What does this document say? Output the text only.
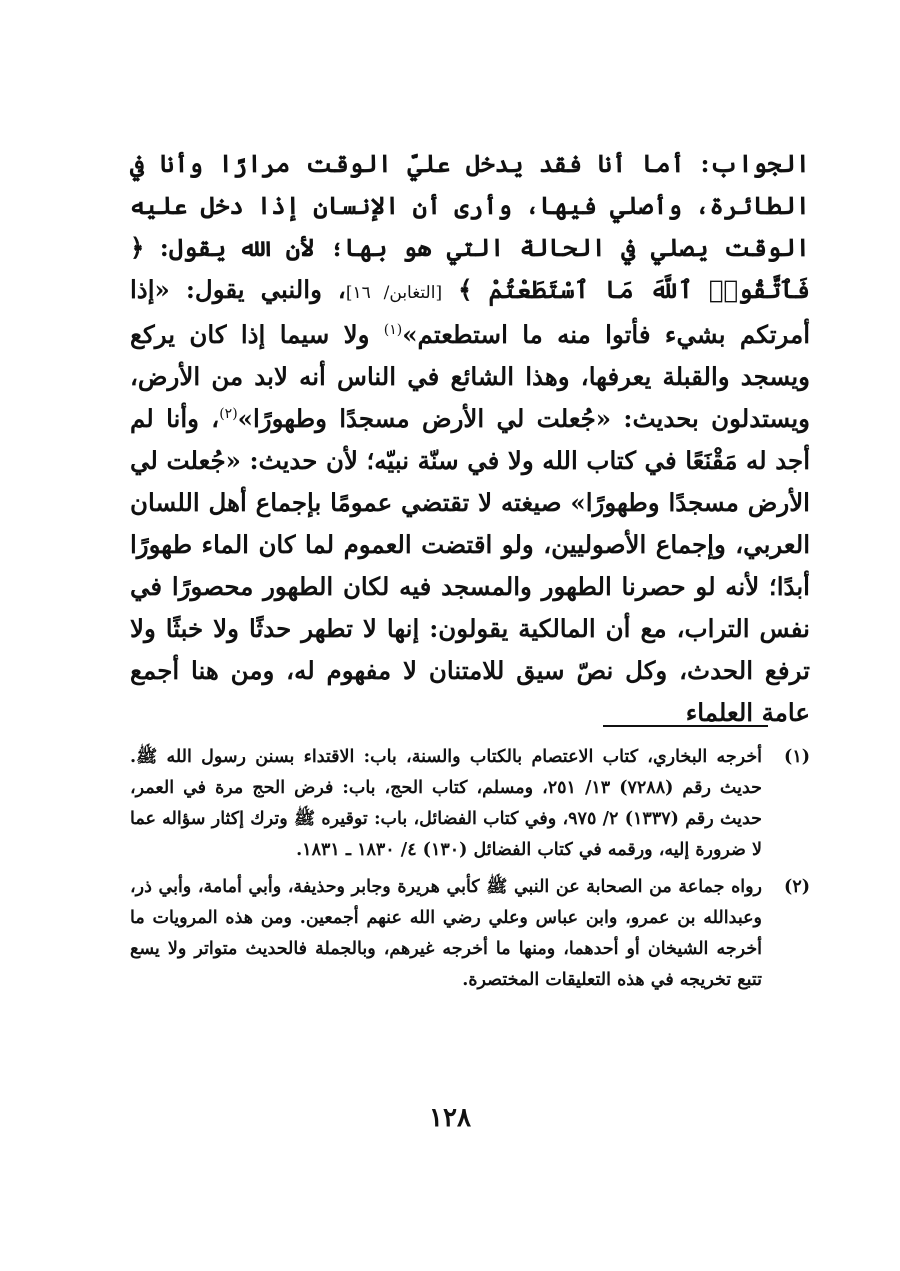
الجواب: أما أنا فقد يدخل عليّ الوقت مرارًا وأنا في الطائرة، وأصلي فيها، وأرى أن الإنسان إذا دخل عليه الوقت يصلي في الحالة التي هو بها؛ لأن الله يقول: ﴿ فَٱتَّقُوا۟ ٱللَّهَ مَا ٱسْتَطَعْتُمْ ﴾ [التغابن/ ١٦]، والنبي يقول: «إذا أمرتكم بشيء فأتوا منه ما استطعتم»$^{(١)}$ ولا سيما إذا كان يركع ويسجد والقبلة يعرفها، وهذا الشائع في الناس أنه لابد من الأرض، ويستدلون بحديث: «جُعلت لي الأرض مسجدًا وطهورًا»$^{(٢)}$، وأنا لم أجد له مَقْنَعًا في كتاب الله ولا في سنّة نبيّه؛ لأن حديث: «جُعلت لي الأرض مسجدًا وطهورًا» صيغته لا تقتضي عمومًا بإجماع أهل اللسان العربي، وإجماع الأصوليين، ولو اقتضت العموم لما كان الماء طهورًا أبدًا؛ لأنه لو حصرنا الطهور والمسجد فيه لكان الطهور محصورًا في نفس التراب، مع أن المالكية يقولون: إنها لا تطهر حدثًا ولا خبثًا ولا ترفع الحدث، وكل نصّ سيق للامتنان لا مفهوم له، ومن هنا أجمع عامة العلماء
(١)
أخرجه البخاري، كتاب الاعتصام بالكتاب والسنة، باب: الاقتداء بسنن رسول الله ﷺ. حديث رقم (٧٢٨٨) ١٣/ ٢٥١، ومسلم، كتاب الحج، باب: فرض الحج مرة في العمر، حديث رقم (١٣٣٧) ٢/ ٩٧٥، وفي كتاب الفضائل، باب: توقيره ﷺ وترك إكثار سؤاله عما لا ضرورة إليه، ورقمه في كتاب الفضائل (١٣٠) ٤/ ١٨٣٠ ـ ١٨٣١.
(٢)
رواه جماعة من الصحابة عن النبي ﷺ كأبي هريرة وجابر وحذيفة، وأبي أمامة، وأبي ذر، وعبدالله بن عمرو، وابن عباس وعلي رضي الله عنهم أجمعين. ومن هذه المرويات ما أخرجه الشيخان أو أحدهما، ومنها ما أخرجه غيرهم، وبالجملة فالحديث متواتر ولا يسع تتبع تخريجه في هذه التعليقات المختصرة.
١٢٨
